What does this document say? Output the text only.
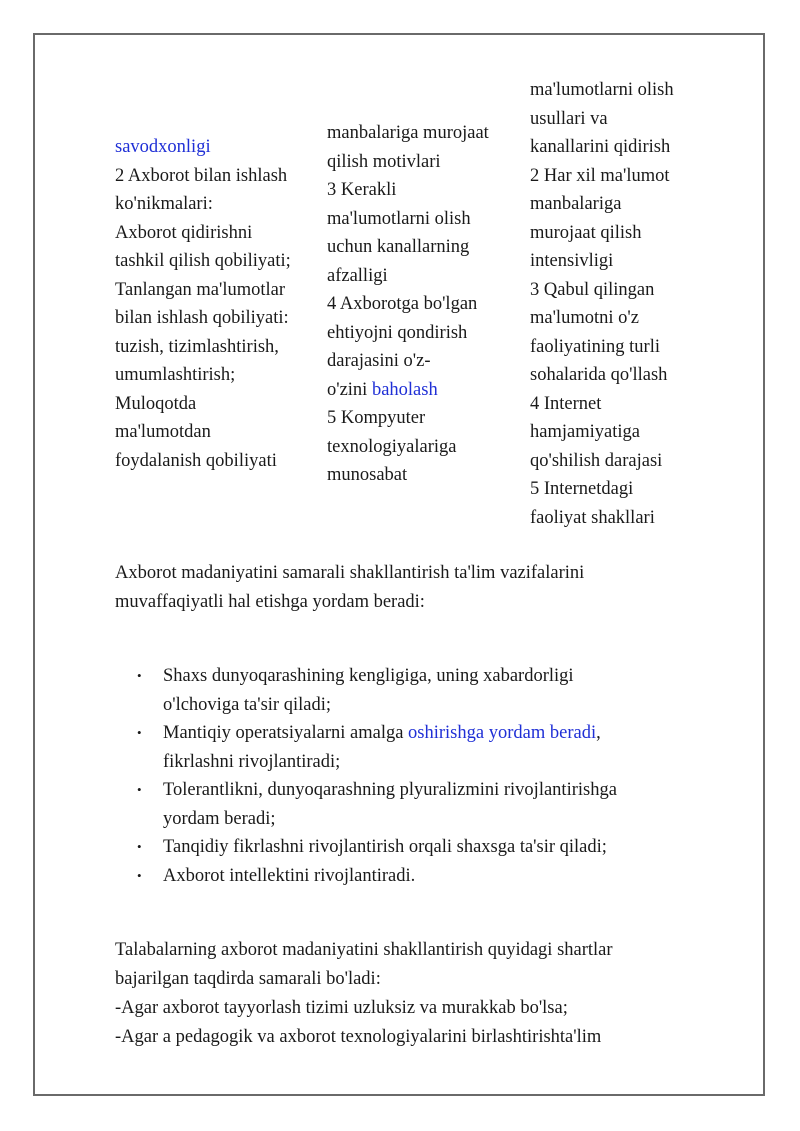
savodxonligi
2 Axborot bilan ishlash
ko'nikmalari:
Axborot qidirishni
tashkil qilish qobiliyati;
Tanlangan ma'lumotlar
bilan ishlash qobiliyati:
tuzish, tizimlashtirish,
umumlashtirish;
Muloqotda
ma'lumotdan
foydalanish qobiliyati
manbalariga murojaat
qilish motivlari
3 Kerakli
ma'lumotlarni olish
uchun kanallarning
afzalligi
4 Axborotga bo'lgan
ehtiyojni qondirish
darajasini o'z-
o'zini baholash
5 Kompyuter
texnologiyalariga
munosabat
ma'lumotlarni olish
usullari va
kanallarini qidirish
2 Har xil ma'lumot
manbalariga
murojaat qilish
intensivligi
3 Qabul qilingan
ma'lumotni o'z
faoliyatining turli
sohalarida qo'llash
4 Internet
hamjamiyatiga
qo'shilish darajasi
5 Internetdagi
faoliyat shakllari
Axborot madaniyatini samarali shakllantirish ta'lim vazifalarini
muvaffaqiyatli hal etishga yordam beradi:
• Shaxs dunyoqarashining kengligiga, uning xabardorligi
o'lchoviga ta'sir qiladi;
• Mantiqiy operatsiyalarni amalga oshirishga yordam beradi,
fikrlashni rivojlantiradi;
• Tolerantlikni, dunyoqarashning plyuralizmini rivojlantirishga
yordam beradi;
• Tanqidiy fikrlashni rivojlantirish orqali shaxsga ta'sir qiladi;
• Axborot intellektini rivojlantiradi.
Talabalarning axborot madaniyatini shakllantirish quyidagi shartlar
bajarilgan taqdirda samarali bo'ladi:
-Agar axborot tayyorlash tizimi uzluksiz va murakkab bo'lsa;
-Agar a pedagogik va axborot texnologiyalarini birlashtirishta'lim
